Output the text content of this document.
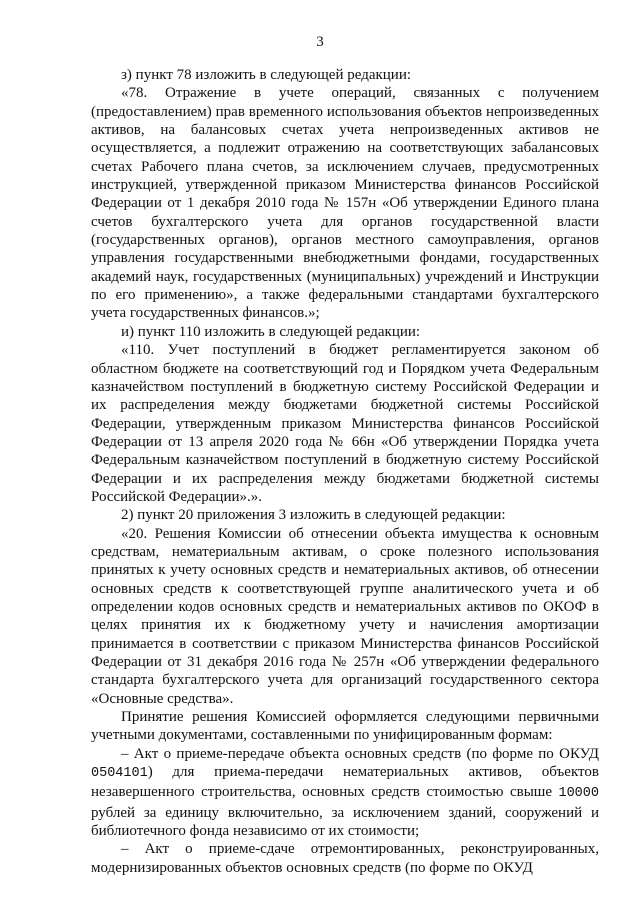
3

з) пункт 78 изложить в следующей редакции:

«78. Отражение в учете операций, связанных с получением (предоставлением) прав временного использования объектов непроизведенных активов, на балансовых счетах учета непроизведенных активов не осуществляется, а подлежит отражению на соответствующих забалансовых счетах Рабочего плана счетов, за исключением случаев, предусмотренных инструкцией, утвержденной приказом Министерства финансов Российской Федерации от 1 декабря 2010 года № 157н «Об утверждении Единого плана счетов бухгалтерского учета для органов государственной власти (государственных органов), органов местного самоуправления, органов управления государственными внебюджетными фондами, государственных академий наук, государственных (муниципальных) учреждений и Инструкции по его применению», а также федеральными стандартами бухгалтерского учета государственных финансов.»;

и) пункт 110 изложить в следующей редакции:

«110. Учет поступлений в бюджет регламентируется законом об областном бюджете на соответствующий год и Порядком учета Федеральным казначейством поступлений в бюджетную систему Российской Федерации и их распределения между бюджетами бюджетной системы Российской Федерации, утвержденным приказом Министерства финансов Российской Федерации от 13 апреля 2020 года № 66н «Об утверждении Порядка учета Федеральным казначейством поступлений в бюджетную систему Российской Федерации и их распределения между бюджетами бюджетной системы Российской Федерации».».

2) пункт 20 приложения 3 изложить в следующей редакции:

«20. Решения Комиссии об отнесении объекта имущества к основным средствам, нематериальным активам, о сроке полезного использования принятых к учету основных средств и нематериальных активов, об отнесении основных средств к соответствующей группе аналитического учета и об определении кодов основных средств и нематериальных активов по ОКОФ в целях принятия их к бюджетному учету и начисления амортизации принимается в соответствии с приказом Министерства финансов Российской Федерации от 31 декабря 2016 года № 257н «Об утверждении федерального стандарта бухгалтерского учета для организаций государственного сектора «Основные средства».

Принятие решения Комиссией оформляется следующими первичными учетными документами, составленными по унифицированным формам:

– Акт о приеме-передаче объекта основных средств (по форме по ОКУД 0504101) для приема-передачи нематериальных активов, объектов незавершенного строительства, основных средств стоимостью свыше 10000 рублей за единицу включительно, за исключением зданий, сооружений и библиотечного фонда независимо от их стоимости;

– Акт о приеме-сдаче отремонтированных, реконструированных, модернизированных объектов основных средств (по форме по ОКУД
